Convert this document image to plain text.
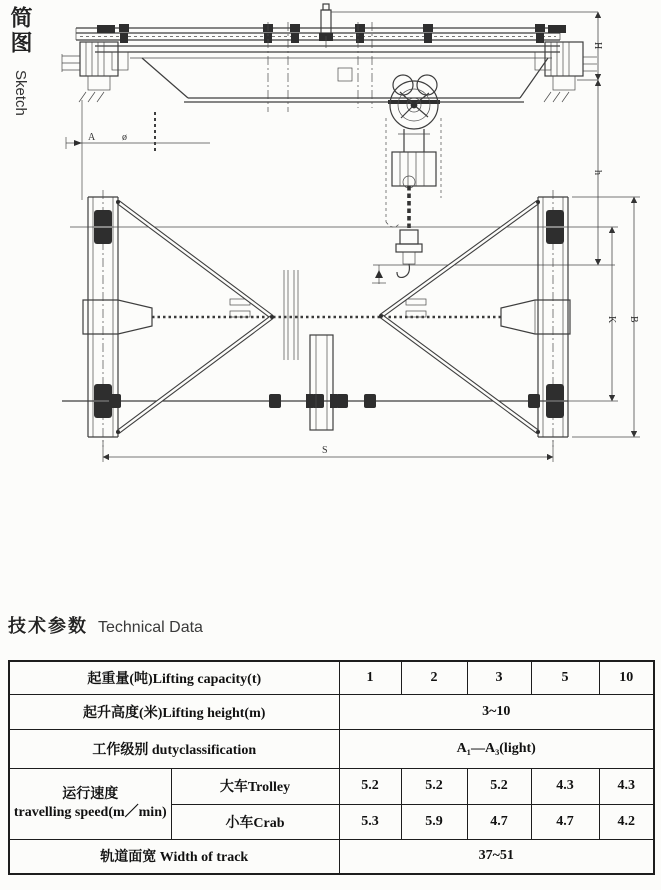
简图 Sketch
A	ø
H
h
S
K B
技术参数 Technical Data
起重量(吨)Lifting capacity(t)		1	2	3	5	10
起升高度(米)Lifting height(m)		3~10				
工作级别 dutyclassification		A₁—A₃(light)				

运行速度
travelling speed(m／min)	大车Trolley	5.2	5.2	5.2	4.3	4.3
	小车Crab	5.3	5.9	4.7	4.7	4.2
轨道面宽 Width of track		37~51				
